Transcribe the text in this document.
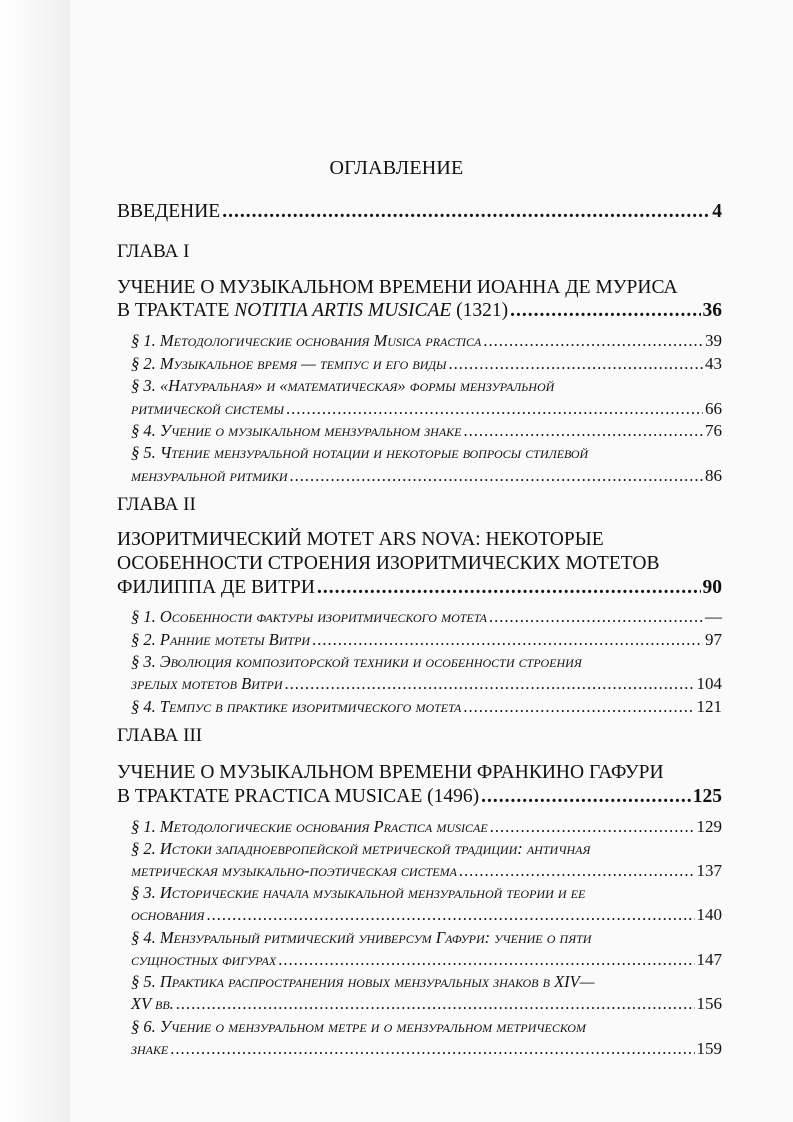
ОГЛАВЛЕНИЕ
ВВЕДЕНИЕ .....	4
ГЛАВА I
УЧЕНИЕ О МУЗЫКАЛЬНОМ ВРЕМЕНИ ИОАННА ДЕ МУРИСА
В ТРАКТАТЕ NOTITIA ARTIS MUSICAE (1321) .....	36
§ 1. Методологические основания Musica practica .....	39
§ 2. Музыкальное время — темпус и его виды .....	43
§ 3. «Натуральная» и «математическая» формы мензуральной
ритмической системы .....	66
§ 4. Учение о музыкальном мензуральном знаке .....	76
§ 5. Чтение мензуральной нотации и некоторые вопросы стилевой
мензуральной ритмики .....	86
ГЛАВА II
ИЗОРИТМИЧЕСКИЙ МОТЕТ ARS NOVA: НЕКОТОРЫЕ
ОСОБЕННОСТИ СТРОЕНИЯ ИЗОРИТМИЧЕСКИХ МОТЕТОВ
ФИЛИППА ДЕ ВИТРИ .....	90
§ 1. Особенности фактуры изоритмического мотета .....	—
§ 2. Ранние мотеты Витри .....	97
§ 3. Эволюция композиторской техники и особенности строения
зрелых мотетов Витри .....	104
§ 4. Темпус в практике изоритмического мотета .....	121
ГЛАВА III
УЧЕНИЕ О МУЗЫКАЛЬНОМ ВРЕМЕНИ ФРАНКИНО ГАФУРИ
В ТРАКТАТЕ PRACTICA MUSICAE (1496) .....	125
§ 1. Методологические основания Practica musicae .....	129
§ 2. Истоки западноевропейской метрической традиции: античная
метрическая музыкально-поэтическая система .....	137
§ 3. Исторические начала музыкальной мензуральной теории и ее
основания .....	140
§ 4. Мензуральный ритмический универсум Гафури: учение о пяти
сущностных фигурах .....	147
§ 5. Практика распространения новых мензуральных знаков в XIV—
XV вв. .....	156
§ 6. Учение о мензуральном метре и о мензуральном метрическом
знаке .....	159
